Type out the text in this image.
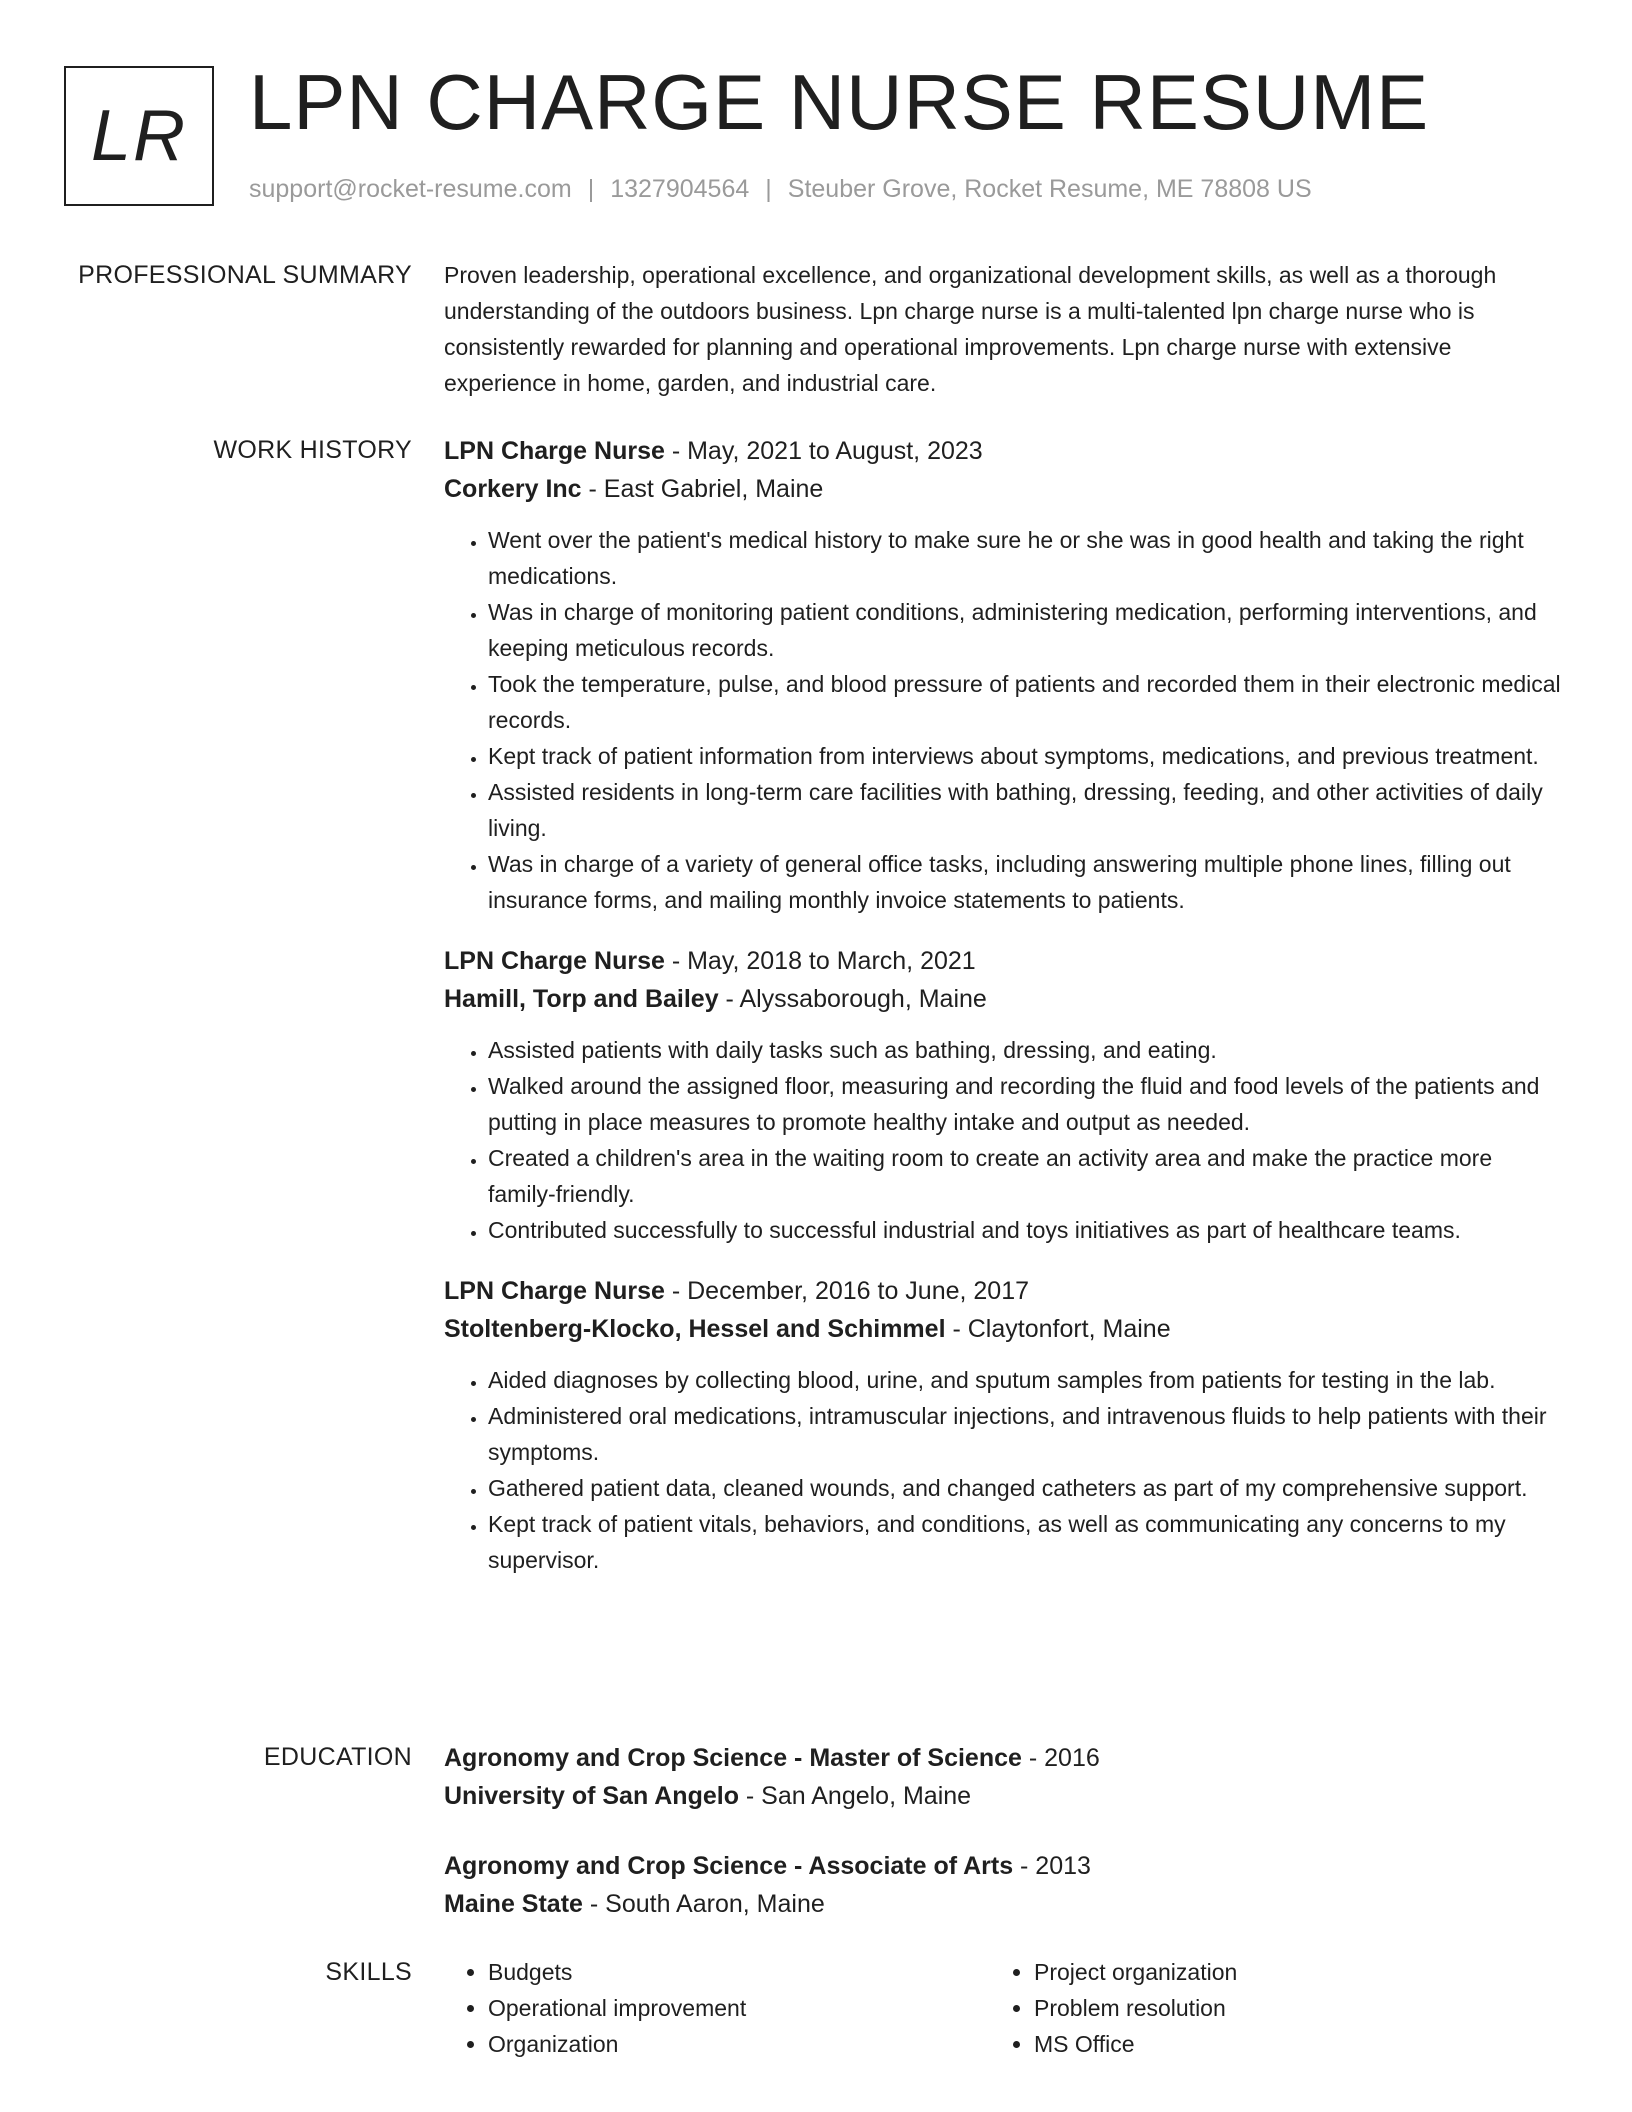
LR LPN CHARGE NURSE RESUME
support@rocket-resume.com | 1327904564 | Steuber Grove, Rocket Resume, ME 78808 US
PROFESSIONAL SUMMARY Proven leadership, operational excellence, and organizational development skills, as well as a thorough understanding of the outdoors business. Lpn charge nurse is a multi-talented lpn charge nurse who is consistently rewarded for planning and operational improvements. Lpn charge nurse with extensive experience in home, garden, and industrial care.

WORK HISTORY LPN Charge Nurse - May, 2021 to August, 2023
Corkery Inc - East Gabriel, Maine
• Went over the patient's medical history to make sure he or she was in good health and taking the right medications.
• Was in charge of monitoring patient conditions, administering medication, performing interventions, and keeping meticulous records.
• Took the temperature, pulse, and blood pressure of patients and recorded them in their electronic medical records.
• Kept track of patient information from interviews about symptoms, medications, and previous treatment.
• Assisted residents in long-term care facilities with bathing, dressing, feeding, and other activities of daily living.
• Was in charge of a variety of general office tasks, including answering multiple phone lines, filling out insurance forms, and mailing monthly invoice statements to patients.
LPN Charge Nurse - May, 2018 to March, 2021
Hamill, Torp and Bailey - Alyssaborough, Maine
• Assisted patients with daily tasks such as bathing, dressing, and eating.
• Walked around the assigned floor, measuring and recording the fluid and food levels of the patients and putting in place measures to promote healthy intake and output as needed.
• Created a children's area in the waiting room to create an activity area and make the practice more family-friendly.
• Contributed successfully to successful industrial and toys initiatives as part of healthcare teams.
LPN Charge Nurse - December, 2016 to June, 2017
Stoltenberg-Klocko, Hessel and Schimmel - Claytonfort, Maine
• Aided diagnoses by collecting blood, urine, and sputum samples from patients for testing in the lab.
• Administered oral medications, intramuscular injections, and intravenous fluids to help patients with their symptoms.
• Gathered patient data, cleaned wounds, and changed catheters as part of my comprehensive support.
• Kept track of patient vitals, behaviors, and conditions, as well as communicating any concerns to my supervisor.
EDUCATION Agronomy and Crop Science - Master of Science - 2016
University of San Angelo - San Angelo, Maine
Agronomy and Crop Science - Associate of Arts - 2013
Maine State - South Aaron, Maine
SKILLS
•	Budgets
• Operational improvement
• Organization
• Project organization
• Problem resolution
• MS Office
